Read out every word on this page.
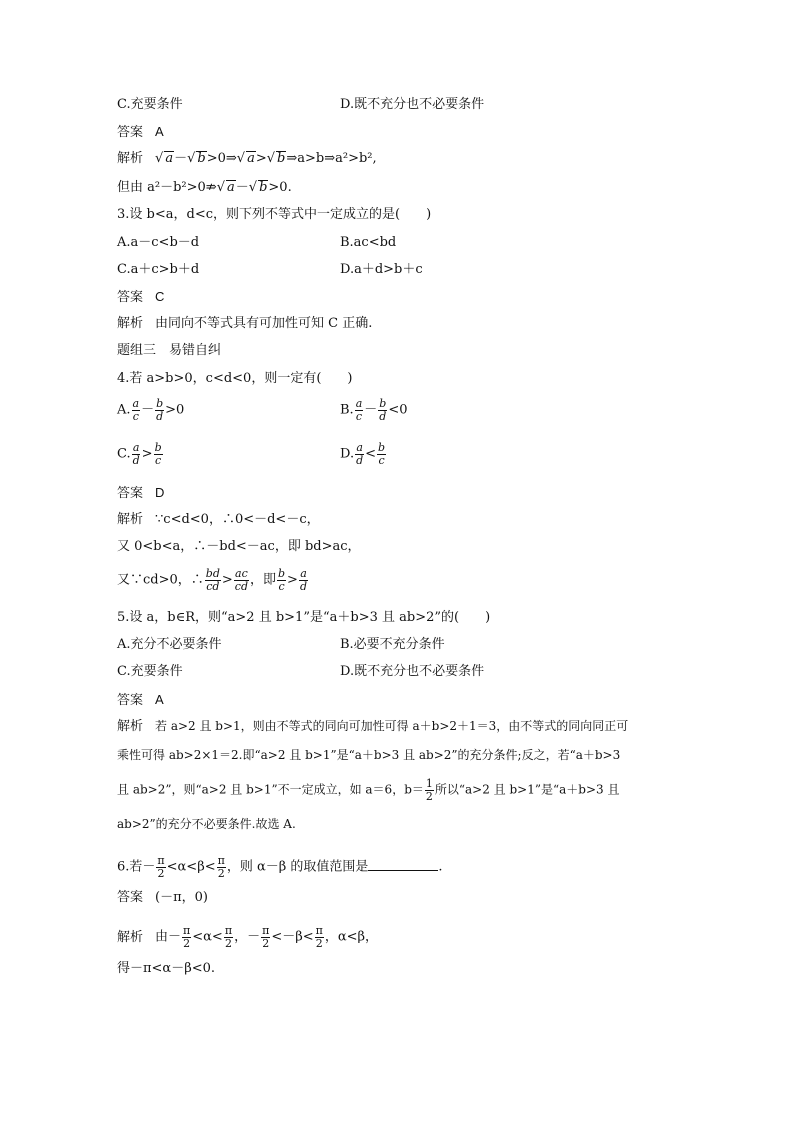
C.充要条件	D.既不充分也不必要条件
答案 A
解析 √ a－√ b>0⇒√ a>√ b⇒a>b⇒a²>b²,
但由 a²－b²>0⇏√ a－√ b>0.
3.设 b<a，d<c，则下列不等式中一定成立的是(　　)
A.a－c<b－d	B.ac<bd
C.a＋c>b＋d	D.a＋d>b＋c
答案 C
解析 由同向不等式具有可加性可知 C 正确.
题组三　易错自纠
4.若 a>b>0，c<d<0，则一定有(　　)
A. $\frac{a}{c} - \frac{b}{d} >0$	B. $\frac{a}{c} - \frac{b}{d} <0$
C. $\frac{a}{d} > \frac{b}{c}$	D. $\frac{a}{d} < \frac{b}{c}$
答案 D
解析 ∵c<d<0，∴0<－d<－c，
又 0<b<a，∴－bd<－ac，即 bd>ac，
又∵cd>0，∴ $\frac{bd}{cd} > \frac{ac}{cd}$ ，即 $\frac{b}{c} > \frac{a}{d}$
5.设 a，b∈R，则“a>2 且 b>1”是“a＋b>3 且 ab>2”的(　　)
A.充分不必要条件	B.必要不充分条件
C.充要条件	D.既不充分也不必要条件
答案 A
解析 若 a>2 且 b>1，则由不等式的同向可加性可得 a＋b>2＋1＝3，由不等式的同向同正可
乘性可得 ab>2×1＝2.即“a>2 且 b>1”是“a＋b>3 且 ab>2”的充分条件;反之，若“a＋b>3
且 ab>2”，则“a>2 且 b>1”不一定成立，如 a＝6，$b= \frac{1}{2}$ 所以“a>2 且 b>1”是“a＋b>3 且
ab>2”的充分不必要条件.故选 A.
6.若－ $\frac{\pi}{2} <\alpha<\beta< \frac{\pi}{2}$ ，则 α－β 的取值范围是	.
答案 (－π，0)
解析 由－ $\frac{\pi}{2} <\alpha< \frac{\pi}{2}$ ，－ $\frac{\pi}{2} <-\beta< \frac{\pi}{2}$ ，α<β，
得－π<α－β<0.
